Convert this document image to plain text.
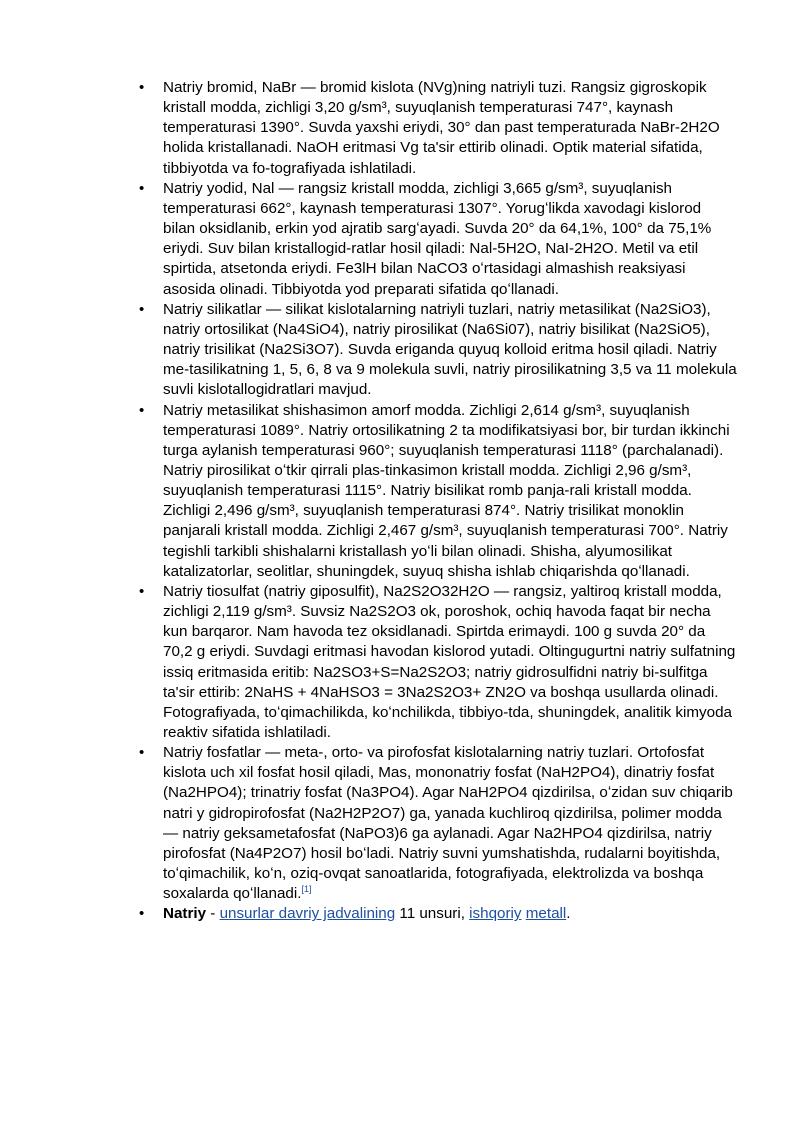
• Natriy bromid, NaBr — bromid kislota (NVg)ning natriyli tuzi. Rangsiz gigroskopik kristall modda, zichligi 3,20 g/sm³, suyuqlanish temperaturasi 747°, kaynash temperaturasi 1390°. Suvda yaxshi eriydi, 30° dan past temperaturada NaBr-2H2O holida kristallanadi. NaOH eritmasi Vg ta'sir ettirib olinadi. Optik material sifatida, tibbiyotda va fo-tografiyada ishlatiladi.
• Natriy yodid, Nal — rangsiz kristall modda, zichligi 3,665 g/sm³, suyuqlanish temperaturasi 662°, kaynash temperaturasi 1307°. Yorugʻlikda xavodagi kislorod bilan oksidlanib, erkin yod ajratib sargʻayadi. Suvda 20° da 64,1%, 100° da 75,1% eriydi. Suv bilan kristallogid-ratlar hosil qiladi: Nal-5H2O, NaI-2H2O. Metil va etil spirtida, atsetonda eriydi. Fe3lH bilan NaCO3 oʻrtasidagi almashish reaksiyasi asosida olinadi. Tibbiyotda yod preparati sifatida qoʻllanadi.
• Natriy silikatlar — silikat kislotalarning natriyli tuzlari, natriy metasilikat (Na2SiO3), natriy ortosilikat (Na4SiO4), natriy pirosilikat (Na6Si07), natriy bisilikat (Na2SiO5), natriy trisilikat (Na2Si3O7). Suvda eriganda quyuq kolloid eritma hosil qiladi. Natriy me-tasilikatning 1, 5, 6, 8 va 9 molekula suvli, natriy pirosilikatning 3,5 va 11 molekula suvli kislotallogidratlari mavjud.
• Natriy metasilikat shishasimon amorf modda. Zichligi 2,614 g/sm³, suyuqlanish temperaturasi 1089°. Natriy ortosilikatning 2 ta modifikatsiyasi bor, bir turdan ikkinchi turga aylanish temperaturasi 960°; suyuqlanish temperaturasi 1118° (parchalanadi). Natriy pirosilikat oʻtkir qirrali plas-tinkasimon kristall modda. Zichligi 2,96 g/sm³, suyuqlanish temperaturasi 1115°. Natriy bisilikat romb panja-rali kristall modda. Zichligi 2,496 g/sm³, suyuqlanish temperaturasi 874°. Natriy trisilikat monoklin panjarali kristall modda. Zichligi 2,467 g/sm³, suyuqlanish temperaturasi 700°. Natriy tegishli tarkibli shishalarni kristallash yoʻli bilan olinadi. Shisha, alyumosilikat katalizatorlar, seolitlar, shuningdek, suyuq shisha ishlab chiqarishda qoʻllanadi.
• Natriy tiosulfat (natriy giposulfit), Na2S2O32H2O — rangsiz, yaltiroq kristall modda, zichligi 2,119 g/sm³. Suvsiz Na2S2O3 ok, poroshok, ochiq havoda faqat bir necha kun barqaror. Nam havoda tez oksidlanadi. Spirtda erimaydi. 100 g suvda 20° da 70,2 g eriydi. Suvdagi eritmasi havodan kislorod yutadi. Oltingugurtni natriy sulfatning issiq eritmasida eritib: Na2SO3+S=Na2S2O3; natriy gidrosulfidni natriy bi-sulfitga ta'sir ettirib: 2NaHS + 4NaHSO3 = 3Na2S2O3+ ZN2O va boshqa usullarda olinadi. Fotografiyada, toʻqimachilikda, koʻnchilikda, tibbiyo-tda, shuningdek, analitik kimyoda reaktiv sifatida ishlatiladi.
• Natriy fosfatlar — meta-, orto- va pirofosfat kislotalarning natriy tuzlari. Ortofosfat kislota uch xil fosfat hosil qiladi, Mas, mononatriy fosfat (NaH2PO4), dinatriy fosfat (Na2HPO4); trinatriy fosfat (Na3PO4). Agar NaH2PO4 qizdirilsa, oʻzidan suv chiqarib natri y gidropirofosfat (Na2H2P2O7) ga, yanada kuchliroq qizdirilsa, polimer modda — natriy geksametafosfat (NaPO3)6 ga aylanadi. Agar Na2HPO4 qizdirilsa, natriy pirofosfat (Na4P2O7) hosil boʻladi. Natriy suvni yumshatishda, rudalarni boyitishda, toʻqimachilik, koʻn, oziq-ovqat sanoatlarida, fotografiyada, elektrolizda va boshqa soxalarda qoʻllanadi.[1]
• Natriy - unsurlar davriy jadvalining 11 unsuri, ishqoriy metall.
